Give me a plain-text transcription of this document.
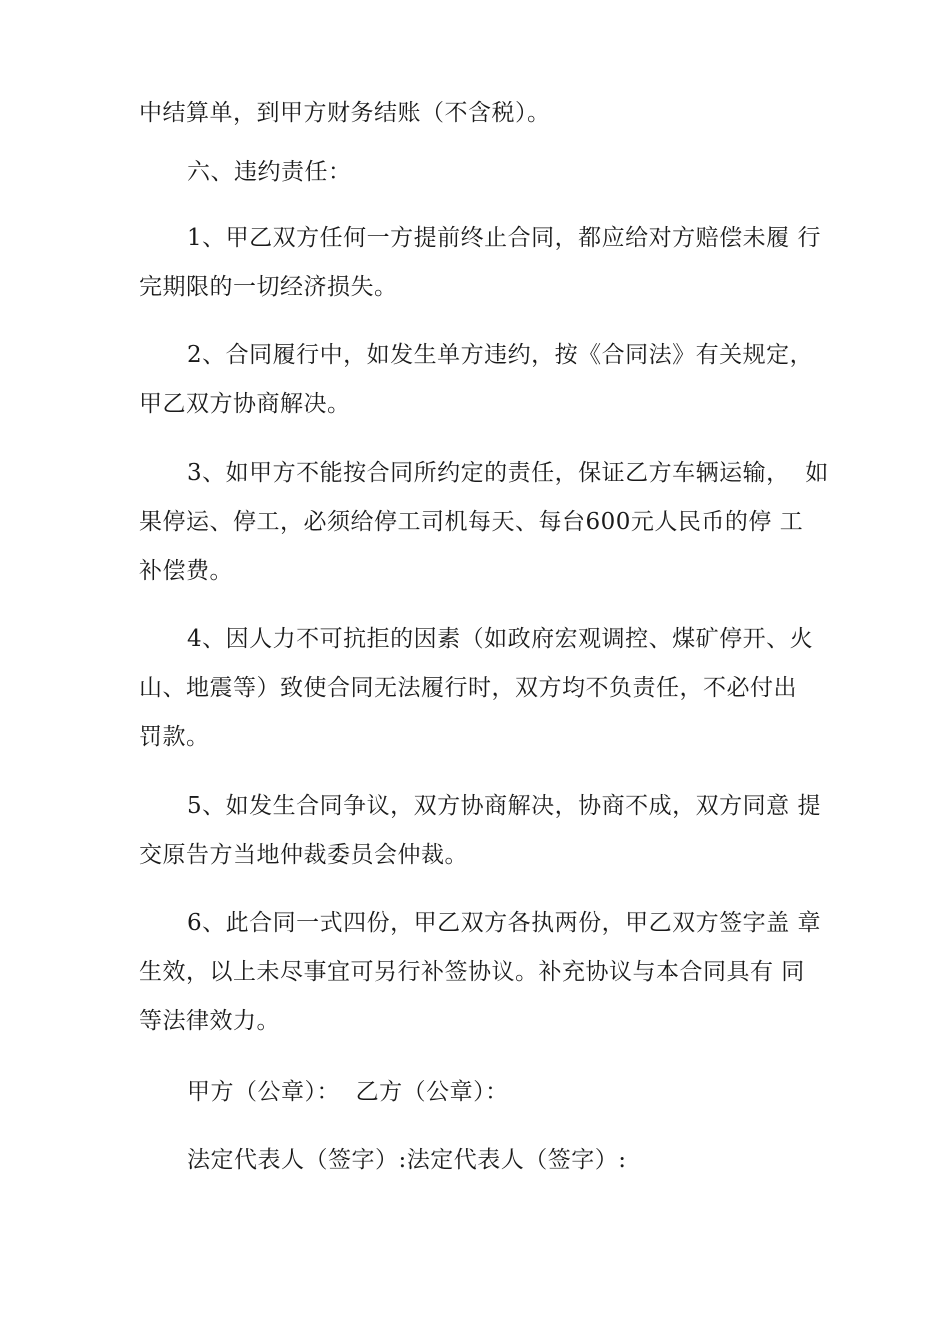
中结算单，到甲方财务结账（不含税）。
六、违约责任：
1、甲乙双方任何一方提前终止合同，都应给对方赔偿未履 行
完期限的一切经济损失。
2、合同履行中，如发生单方违约，按《合同法》有关规定，
甲乙双方协商解决。
3、如甲方不能按合同所约定的责任，保证乙方车辆运输，  如
果停运、停工，必须给停工司机每天、每台600元人民币的停 工
补偿费。
4、因人力不可抗拒的因素（如政府宏观调控、煤矿停开、火
山、地震等）致使合同无法履行时，双方均不负责任，不必付出
罚款。
5、如发生合同争议，双方协商解决，协商不成，双方同意 提
交原告方当地仲裁委员会仲裁。
6、此合同一式四份，甲乙双方各执两份，甲乙双方签字盖 章
生效，以上未尽事宜可另行补签协议。补充协议与本合同具有 同
等法律效力。
甲方（公章）：  乙方（公章）：
法定代表人（签字）:法定代表人（签字）:
